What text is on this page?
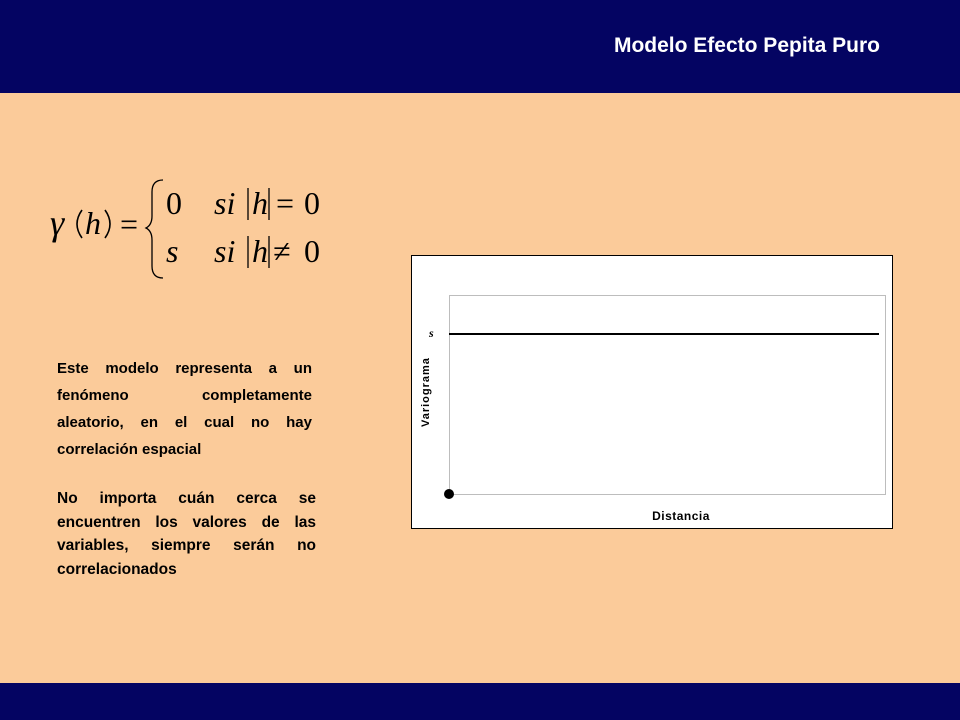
Modelo Efecto Pepita Puro
γ h =
0 si h = 0
s si h ≠ 0
Este modelo representa a un fenómeno completamente aleatorio, en el cual no hay correlación espacial
No importa cuán cerca se encuentren los valores de las variables, siempre serán no correlacionados
s
Variograma
Distancia
